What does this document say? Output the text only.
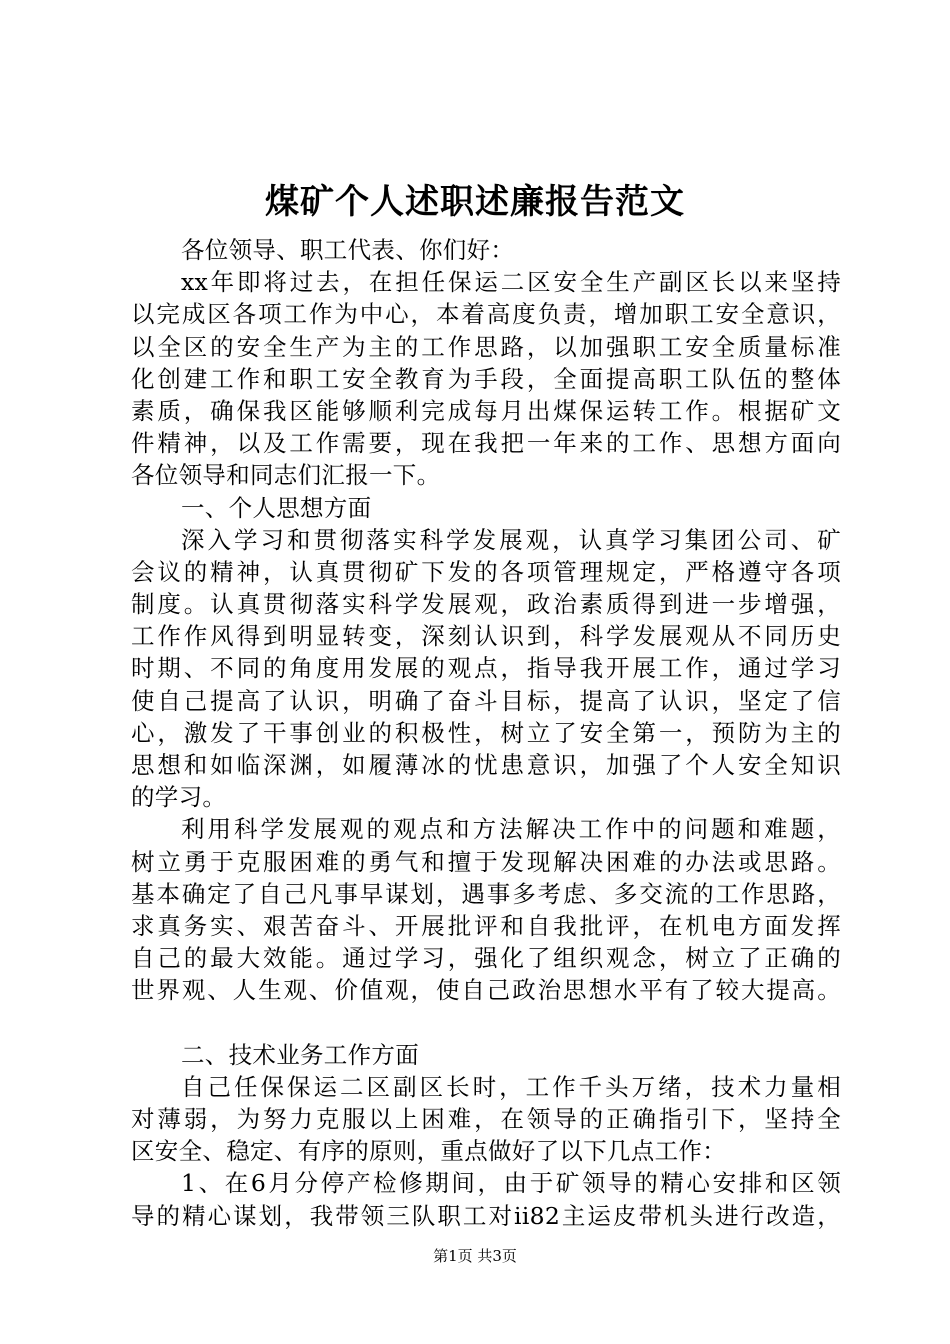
煤矿个人述职述廉报告范文
各位领导、职工代表、你们好：
xx年即将过去，在担任保运二区安全生产副区长以来坚持
以完成区各项工作为中心，本着高度负责，增加职工安全意识，
以全区的安全生产为主的工作思路，以加强职工安全质量标准
化创建工作和职工安全教育为手段，全面提高职工队伍的整体
素质，确保我区能够顺利完成每月出煤保运转工作。根据矿文
件精神，以及工作需要，现在我把一年来的工作、思想方面向
各位领导和同志们汇报一下。
一、个人思想方面
深入学习和贯彻落实科学发展观，认真学习集团公司、矿
会议的精神，认真贯彻矿下发的各项管理规定，严格遵守各项
制度。认真贯彻落实科学发展观，政治素质得到进一步增强，
工作作风得到明显转变，深刻认识到，科学发展观从不同历史
时期、不同的角度用发展的观点，指导我开展工作，通过学习
使自己提高了认识，明确了奋斗目标，提高了认识，坚定了信
心，激发了干事创业的积极性，树立了安全第一，预防为主的
思想和如临深渊，如履薄冰的忧患意识，加强了个人安全知识
的学习。
利用科学发展观的观点和方法解决工作中的问题和难题，
树立勇于克服困难的勇气和擅于发现解决困难的办法或思路。
基本确定了自己凡事早谋划，遇事多考虑、多交流的工作思路，
求真务实、艰苦奋斗、开展批评和自我批评，在机电方面发挥
自己的最大效能。通过学习，强化了组织观念，树立了正确的
世界观、人生观、价值观，使自己政治思想水平有了较大提高。
二、技术业务工作方面
自己任保保运二区副区长时，工作千头万绪，技术力量相
对薄弱，为努力克服以上困难，在领导的正确指引下，坚持全
区安全、稳定、有序的原则，重点做好了以下几点工作：
1、在6月分停产检修期间，由于矿领导的精心安排和区领
导的精心谋划，我带领三队职工对ii82主运皮带机头进行改造，
第1页 共3页
